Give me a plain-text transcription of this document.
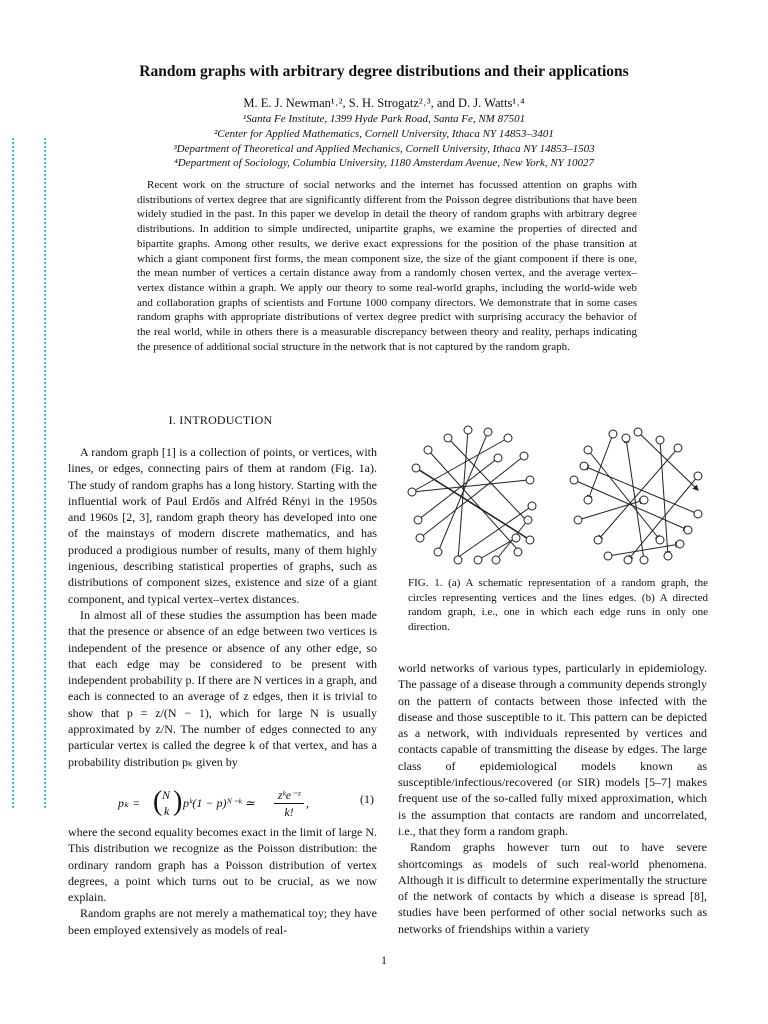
Random graphs with arbitrary degree distributions and their applications
M. E. J. Newman¹˒², S. H. Strogatz²˒³, and D. J. Watts¹˒⁴
¹Santa Fe Institute, 1399 Hyde Park Road, Santa Fe, NM 87501
²Center for Applied Mathematics, Cornell University, Ithaca NY 14853–3401
³Department of Theoretical and Applied Mechanics, Cornell University, Ithaca NY 14853–1503
⁴Department of Sociology, Columbia University, 1180 Amsterdam Avenue, New York, NY 10027
Recent work on the structure of social networks and the internet has focussed attention on graphs with distributions of vertex degree that are significantly different from the Poisson degree distributions that have been widely studied in the past. In this paper we develop in detail the theory of random graphs with arbitrary degree distributions. In addition to simple undirected, unipartite graphs, we examine the properties of directed and bipartite graphs. Among other results, we derive exact expressions for the position of the phase transition at which a giant component first forms, the mean component size, the size of the giant component if there is one, the mean number of vertices a certain distance away from a randomly chosen vertex, and the average vertex–vertex distance within a graph. We apply our theory to some real-world graphs, including the world-wide web and collaboration graphs of scientists and Fortune 1000 company directors. We demonstrate that in some cases random graphs with appropriate distributions of vertex degree predict with surprising accuracy the behavior of the real world, while in others there is a measurable discrepancy between theory and reality, perhaps indicating the presence of additional social structure in the network that is not captured by the random graph.
I. INTRODUCTION

A random graph [1] is a collection of points, or vertices, with lines, or edges, connecting pairs of them at random (Fig. 1a). The study of random graphs has a long history. Starting with the influential work of Paul Erdős and Alfréd Rényi in the 1950s and 1960s [2, 3], random graph theory has developed into one of the mainstays of modern discrete mathematics, and has produced a prodigious number of results, many of them highly ingenious, describing statistical properties of graphs, such as distributions of component sizes, existence and size of a giant component, and typical vertex–vertex distances.

In almost all of these studies the assumption has been made that the presence or absence of an edge between two vertices is independent of the presence or absence of any other edge, so that each edge may be considered to be present with independent probability p. If there are N vertices in a graph, and each is connected to an average of z edges, then it is trivial to show that p = z/(N − 1), which for large N is usually approximated by z/N. The number of edges connected to any particular vertex is called the degree k of that vertex, and has a probability distribution pₖ given by

pₖ = ( N
k ) pᵏ(1 − p)ᴺ⁻ᵏ ≃
zᵏe⁻ᶻ
k!
,	(1)

where the second equality becomes exact in the limit of large N. This distribution we recognize as the Poisson distribution: the ordinary random graph has a Poisson distribution of vertex degrees, a point which turns out to be crucial, as we now explain.

Random graphs are not merely a mathematical toy; they have been employed extensively as models of real-

FIG. 1. (a) A schematic representation of a random graph, the circles representing vertices and the lines edges. (b) A directed random graph, i.e., one in which each edge runs in only one direction.

world networks of various types, particularly in epidemiology. The passage of a disease through a community depends strongly on the pattern of contacts between those infected with the disease and those susceptible to it. This pattern can be depicted as a network, with individuals represented by vertices and contacts capable of transmitting the disease by edges. The large class of epidemiological models known as susceptible/infectious/recovered (or SIR) models [5–7] makes frequent use of the so-called fully mixed approximation, which is the assumption that contacts are random and uncorrelated, i.e., that they form a random graph.

Random graphs however turn out to have severe shortcomings as models of such real-world phenomena. Although it is difficult to determine experimentally the structure of the network of contacts by which a disease is spread [8], studies have been performed of other social networks such as networks of friendships within a variety

1
